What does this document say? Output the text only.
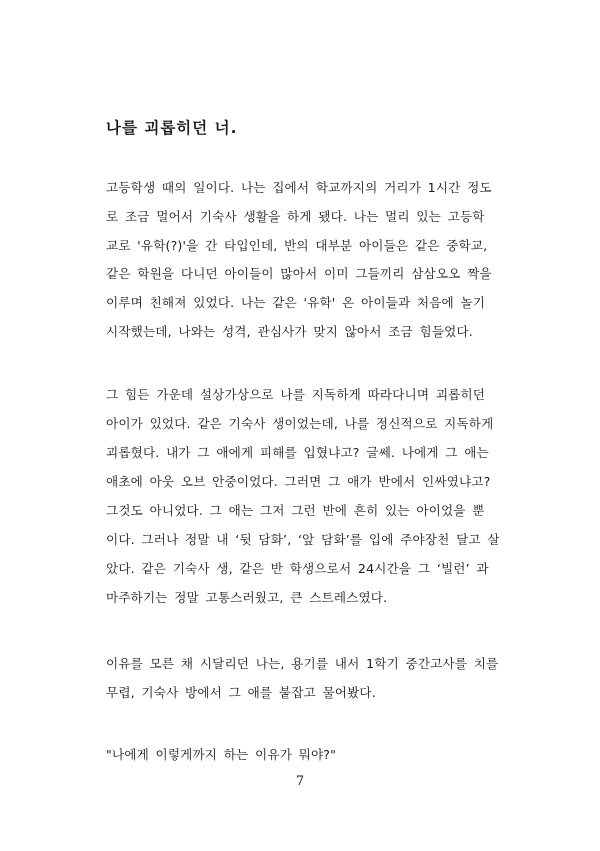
나를 괴롭히던 너.
고등학생 때의 일이다. 나는 집에서 학교까지의 거리가 1시간 정도
로 조금 멀어서 기숙사 생활을 하게 됐다. 나는 멀리 있는 고등학
교로 '유학(?)'을 간 타입인데, 반의 대부분 아이들은 같은 중학교,
같은 학원을 다니던 아이들이 많아서 이미 그들끼리 삼삼오오 짝을
이루며 친해져 있었다. 나는 같은 '유학' 온 아이들과 처음에 놀기
시작했는데, 나와는 성격, 관심사가 맞지 않아서 조금 힘들었다.
그 힘든 가운데 설상가상으로 나를 지독하게 따라다니며 괴롭히던
아이가 있었다. 같은 기숙사 생이었는데, 나를 정신적으로 지독하게
괴롭혔다. 내가 그 애에게 피해를 입혔냐고? 글쎄. 나에게 그 애는
애초에 아웃 오브 안중이었다. 그러면 그 애가 반에서 인싸였냐고?
그것도 아니었다. 그 애는 그저 그런 반에 흔히 있는 아이었을 뿐
이다. 그러나 정말 내 ‘뒷 담화’, ‘앞 담화’를 입에 주야장천 달고 살
았다. 같은 기숙사 생, 같은 반 학생으로서 24시간을 그 ‘빌런’ 과
마주하기는 정말 고통스러웠고, 큰 스트레스였다.
이유를 모른 채 시달리던 나는, 용기를 내서 1학기 중간고사를 치를
무렵, 기숙사 방에서 그 애를 붙잡고 물어봤다.
"나에게 이렇게까지 하는 이유가 뭐야?"
7
